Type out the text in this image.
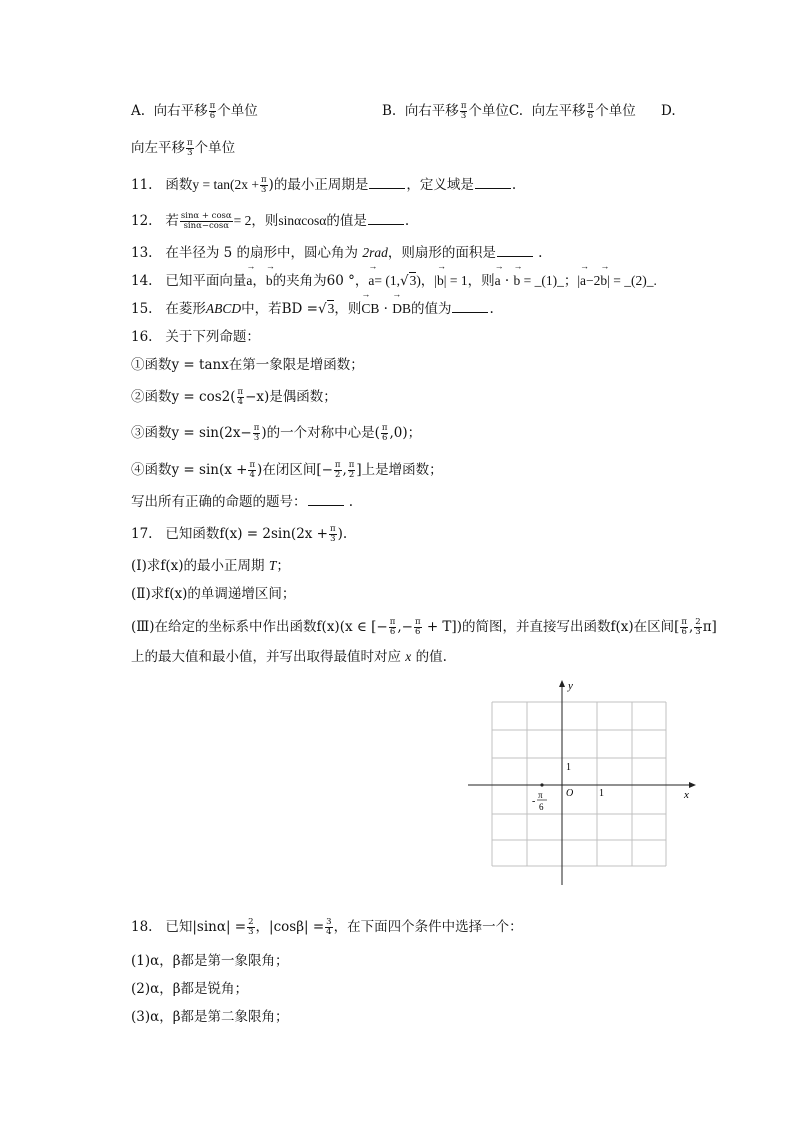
A. 向右平移 $\frac{\pi}{6}$ 个单位	B. 向右平移 $\frac{\pi}{3}$ 个单位C. 向左平移 $\frac{\pi}{6}$ 个单位 D.
向左平移 $\frac{\pi}{3}$ 个单位
11. 函数$y = \tan(2x + \frac{\pi}{3}$ )的最小正周期是	，定义域是	.
12. 若 $\frac{\sin\alpha + \cos\alpha}{\sin\alpha-\cos\alpha} = 2$，则sinαcosα的值是	.
13. 在半径为 5 的扇形中，圆心角为 2rad，则扇形的面积是	.
14. 已知平面向量→ a，→ b的夹角为60 °，→ a= (1,√3)，|→ b| = 1，则→ a · → b = _(1)_；|→ a−2→ b| = _(2)_.
15. 在菱形ABCD中，若BD =√3，则→ CB · → DB的值为	.
16. 关于下列命题：
①函数y = tanx在第一象限是增函数；
②函数$y = \cos 2( \frac{\pi}{4} -x)$是偶函数；
③函数$y = \sin(2x- \frac{\pi}{3}$ )的一个对称中心是( $\frac{\pi}{6} ,0$)；
④函数$y = \sin(x + \frac{\pi}{4}$ )在闭区间[− $\frac{\pi}{2}$ , $\frac{\pi}{2}$ ]上是增函数；
写出所有正确的命题的题号：	.
17. 已知函数$f(x) = 2\sin(2x + \frac{\pi}{3}$ ).
(Ⅰ)求f(x)的最小正周期 T；
(Ⅱ)求f(x)的单调递增区间；
(Ⅲ)在给定的坐标系中作出函数f(x)(x ∈ [− $\frac{\pi}{6}$ ,− $\frac{\pi}{6} + T$])的简图，并直接写出函数f(x)在区间[ $\frac{\pi}{6}$ , $\frac{2}{3} \pi$]
上的最大值和最小值，并写出取得最值时对应 x 的值.
y
x
O	1
1
-
π
6
18. 已知$|\sin\alpha| = \frac{2}{3}$ ，$|\cos\beta| = \frac{3}{4}$ ，在下面四个条件中选择一个：
(1)α，β都是第一象限角；
(2)α，β都是锐角；
(3)α，β都是第二象限角；
